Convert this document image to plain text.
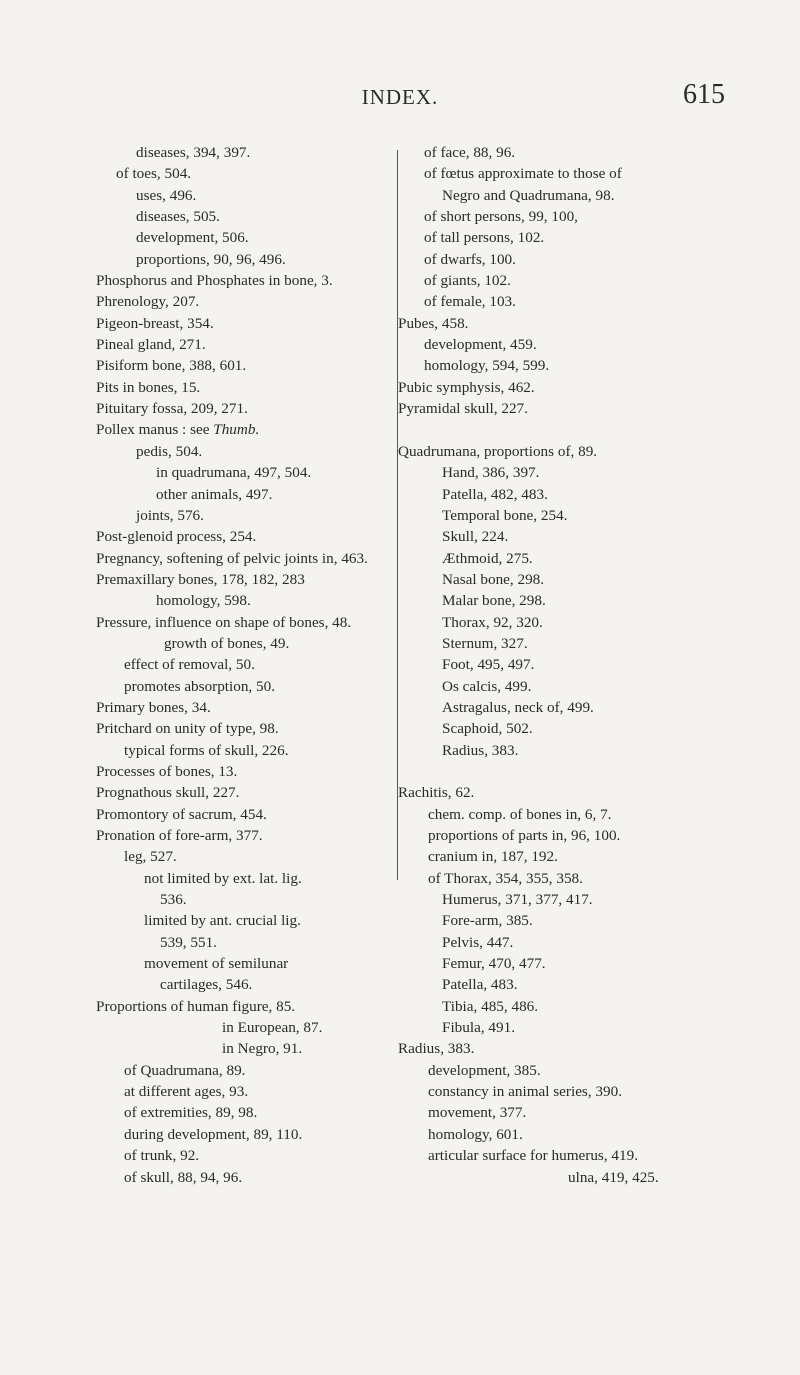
INDEX.	615
diseases, 394, 397.
of toes, 504.
uses, 496.
diseases, 505.
development, 506.
proportions, 90, 96, 496.
Phosphorus and Phosphates in bone, 3.
Phrenology, 207.
Pigeon-breast, 354.
Pineal gland, 271.
Pisiform bone, 388, 601.
Pits in bones, 15.
Pituitary fossa, 209, 271.
Pollex manus : see Thumb.
pedis, 504.
in quadrumana, 497, 504.
other animals, 497.
joints, 576.
Post-glenoid process, 254.
Pregnancy, softening of pelvic joints in, 463.
Premaxillary bones, 178, 182, 283
homology, 598.
Pressure, influence on shape of bones, 48.
growth of bones, 49.
effect of removal, 50.
promotes absorption, 50.
Primary bones, 34.
Pritchard on unity of type, 98.
typical forms of skull, 226.
Processes of bones, 13.
Prognathous skull, 227.
Promontory of sacrum, 454.
Pronation of fore-arm, 377.
leg, 527.
not limited by ext. lat. lig.
536.
limited by ant. crucial lig.
539, 551.
movement of semilunar
cartilages, 546.
Proportions of human figure, 85.
in European, 87.
in Negro, 91.
of Quadrumana, 89.
at different ages, 93.
of extremities, 89, 98.
during development, 89, 110.
of trunk, 92.
of skull, 88, 94, 96.
of face, 88, 96.
of fœtus approximate to those of
Negro and Quadrumana, 98.
of short persons, 99, 100,
of tall persons, 102.
of dwarfs, 100.
of giants, 102.
of female, 103.
Pubes, 458.
development, 459.
homology, 594, 599.
Pubic symphysis, 462.
Pyramidal skull, 227.
Quadrumana, proportions of, 89.
Hand, 386, 397.
Patella, 482, 483.
Temporal bone, 254.
Skull, 224.
Æthmoid, 275.
Nasal bone, 298.
Malar bone, 298.
Thorax, 92, 320.
Sternum, 327.
Foot, 495, 497.
Os calcis, 499.
Astragalus, neck of, 499.
Scaphoid, 502.
Radius, 383.
Rachitis, 62.
chem. comp. of bones in, 6, 7.
proportions of parts in, 96, 100.
cranium in, 187, 192.
of Thorax, 354, 355, 358.
Humerus, 371, 377, 417.
Fore-arm, 385.
Pelvis, 447.
Femur, 470, 477.
Patella, 483.
Tibia, 485, 486.
Fibula, 491.
Radius, 383.
development, 385.
constancy in animal series, 390.
movement, 377.
homology, 601.
articular surface for humerus, 419.
ulna, 419, 425.
